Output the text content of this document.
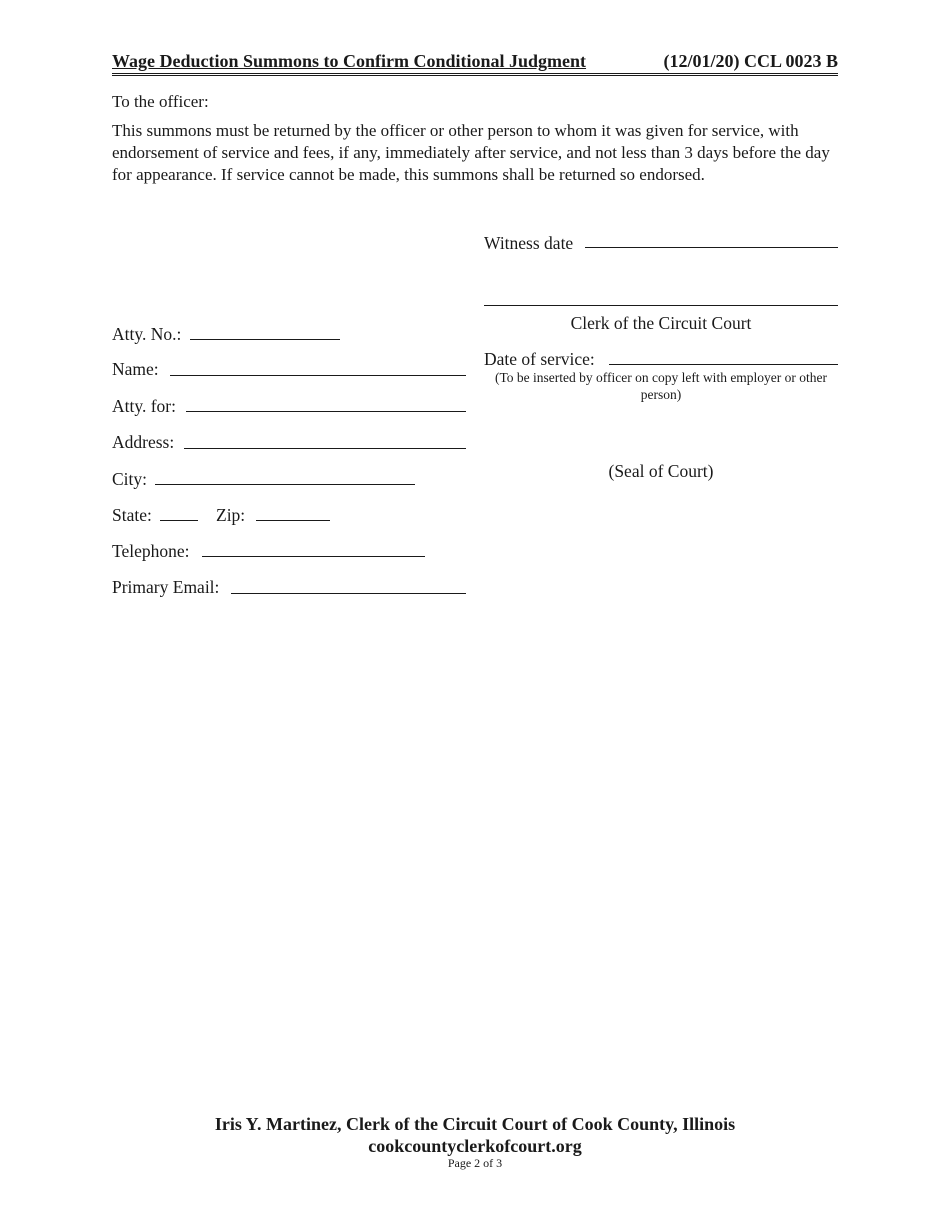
Wage Deduction Summons to Confirm Conditional Judgment	(12/01/20) CCL 0023 B
To the officer:
This summons must be returned by the officer or other person to whom it was given for service, with endorsement of service and fees, if any, immediately after service, and not less than 3 days before the day for appearance. If service cannot be made, this summons shall be returned so endorsed.
Witness date
Clerk of the Circuit Court
Date of service:
(To be inserted by officer on copy left with employer or other person)
(Seal of Court)
Atty. No.:
Name:
Atty. for:
Address:
City:
State:	Zip:
Telephone:
Primary Email:
Iris Y. Martinez, Clerk of the Circuit Court of Cook County, Illinois
cookcountyclerkofcourt.org
Page 2 of 3
